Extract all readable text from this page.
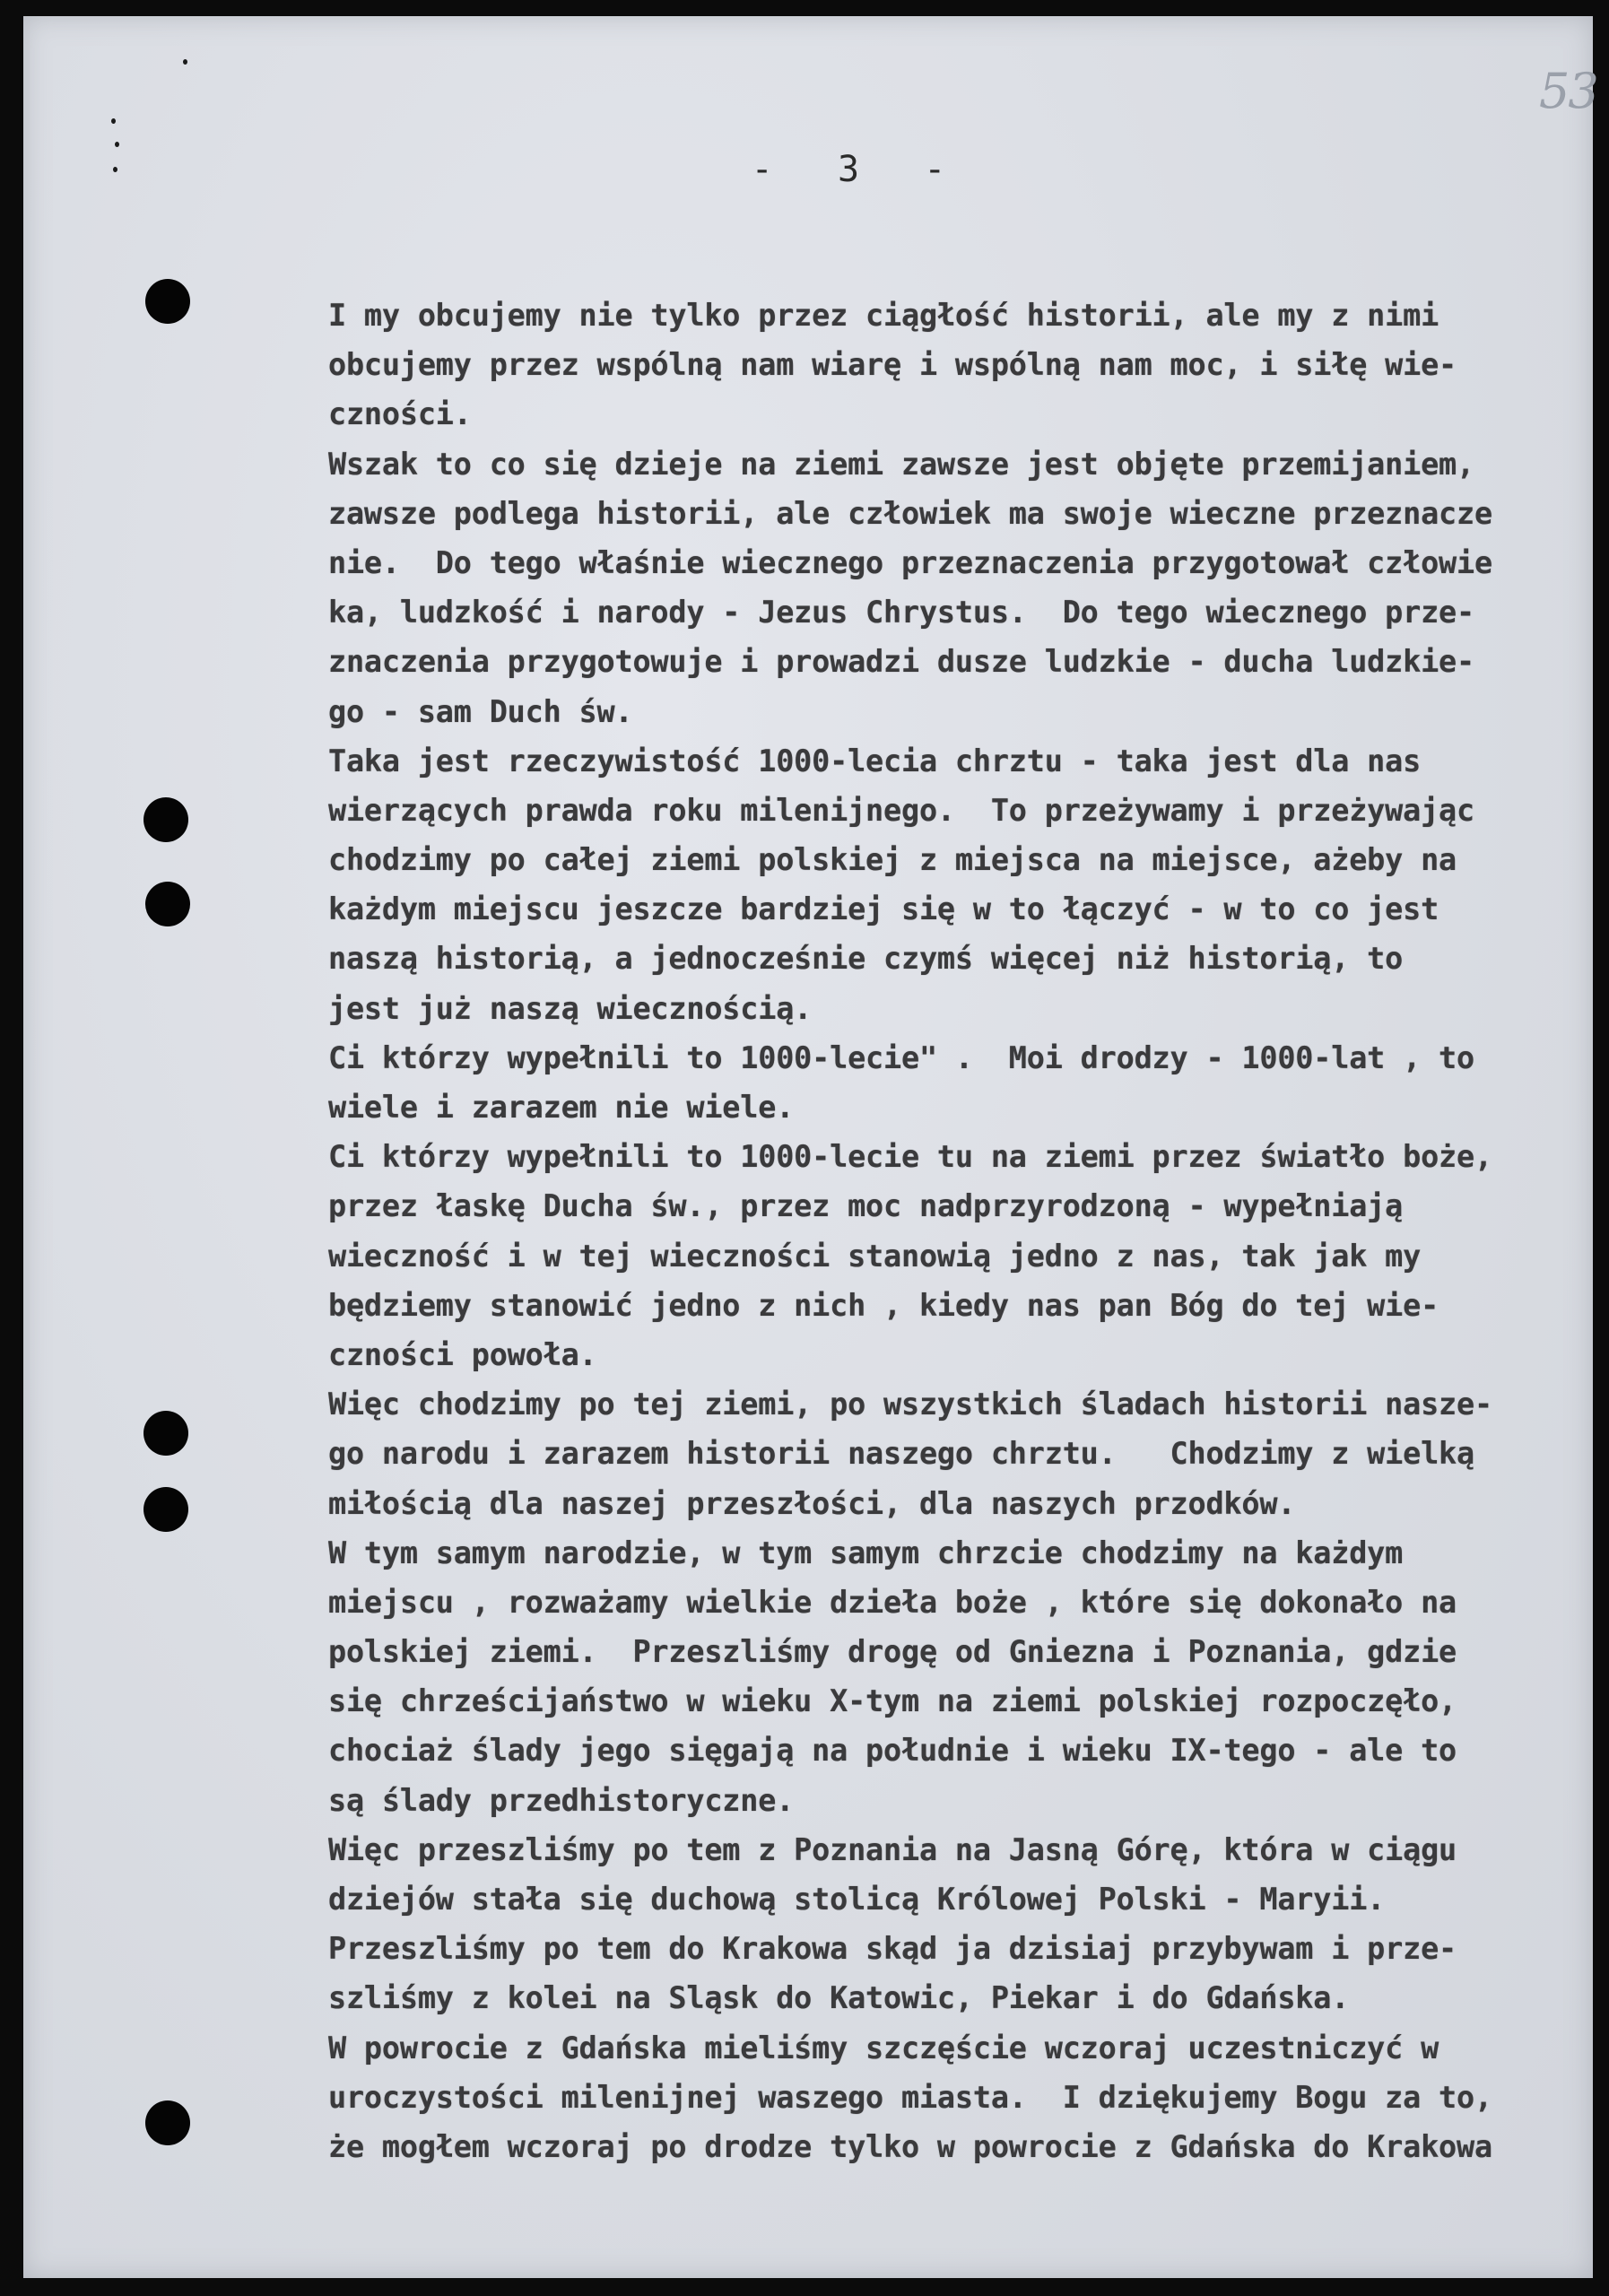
53
-   3   -
I my obcujemy nie tylko przez ciągłość historii, ale my z nimi
obcujemy przez wspólną nam wiarę i wspólną nam moc, i siłę wie-
czności.
Wszak to co się dzieje na ziemi zawsze jest objęte przemijaniem,
zawsze podlega historii, ale człowiek ma swoje wieczne przeznacze
nie.  Do tego właśnie wiecznego przeznaczenia przygotował człowie
ka, ludzkość i narody - Jezus Chrystus.  Do tego wiecznego prze-
znaczenia przygotowuje i prowadzi dusze ludzkie - ducha ludzkie-
go - sam Duch św.
Taka jest rzeczywistość 1000-lecia chrztu - taka jest dla nas
wierzących prawda roku milenijnego.  To przeżywamy i przeżywając
chodzimy po całej ziemi polskiej z miejsca na miejsce, ażeby na
każdym miejscu jeszcze bardziej się w to łączyć - w to co jest
naszą historią, a jednocześnie czymś więcej niż historią, to
jest już naszą wiecznością.
Ci którzy wypełnili to 1000-lecie" .  Moi drodzy - 1000-lat , to
wiele i zarazem nie wiele.
Ci którzy wypełnili to 1000-lecie tu na ziemi przez światło boże,
przez łaskę Ducha św., przez moc nadprzyrodzoną - wypełniają
wieczność i w tej wieczności stanowią jedno z nas, tak jak my
będziemy stanowić jedno z nich , kiedy nas pan Bóg do tej wie-
czności powoła.
Więc chodzimy po tej ziemi, po wszystkich śladach historii nasze-
go narodu i zarazem historii naszego chrztu.   Chodzimy z wielką
miłością dla naszej przeszłości, dla naszych przodków.
W tym samym narodzie, w tym samym chrzcie chodzimy na każdym
miejscu , rozważamy wielkie dzieła boże , które się dokonało na
polskiej ziemi.  Przeszliśmy drogę od Gniezna i Poznania, gdzie
się chrześcijaństwo w wieku X-tym na ziemi polskiej rozpoczęło,
chociaż ślady jego sięgają na południe i wieku IX-tego - ale to
są ślady przedhistoryczne.
Więc przeszliśmy po tem z Poznania na Jasną Górę, która w ciągu
dziejów stała się duchową stolicą Królowej Polski - Maryii.
Przeszliśmy po tem do Krakowa skąd ja dzisiaj przybywam i prze-
szliśmy z kolei na Sląsk do Katowic, Piekar i do Gdańska.
W powrocie z Gdańska mieliśmy szczęście wczoraj uczestniczyć w
uroczystości milenijnej waszego miasta.  I dziękujemy Bogu za to,
że mogłem wczoraj po drodze tylko w powrocie z Gdańska do Krakowa
